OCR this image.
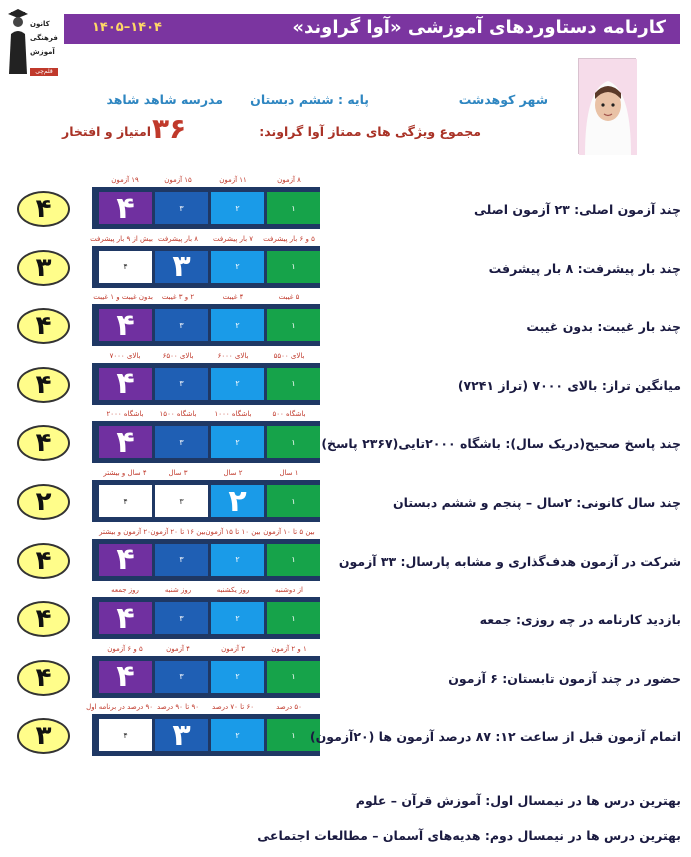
کانون
فرهنگی
آموزش
قلم‌چی
کارنامه دستاوردهای آموزشی «آوا گراوند»
۱۴۰۵–۱۴۰۴
شهر کوهدشت
پایه : ششم دبستان
مدرسه شاهد شاهد
مجموع ویژگی های ممتاز آوا گراوند:
۳۶
امتیاز و افتخار
۱۹ آزمون	۱۵ آزمون	۱۱ آزمون	۸ آزمون
۴	۳	۲	۱
۴	چند آزمون اصلی: ۲۳ آزمون اصلی
بیش از ۹ بار پیشرفت ۸ بار پیشرفت	۷ بار پیشرفت	۵ و ۶ بار پیشرفت
۴	۳	۲	۱
۳	چند بار پیشرفت: ۸ بار پیشرفت
بدون غیبت و ۱ غیبت	۲ و ۳ غیبت	۴ غیبت	۵ غیبت
۴	۳	۲	۱
۴	چند بار غیبت: بدون غیبت
بالای ۷۰۰۰	بالای ۶۵۰۰	بالای ۶۰۰۰	بالای ۵۵۰۰
۴	۳	۲	۱
۴	میانگین تراز: بالای ۷۰۰۰ (تراز ۷۲۴۱)
باشگاه ۲۰۰۰	باشگاه ۱۵۰۰	باشگاه ۱۰۰۰	باشگاه ۵۰۰
۴	۳	۲	۱
۴	چند پاسخ صحیح(دریک سال): باشگاه ۲۰۰۰تایی(۲۳۶۷ پاسخ)
۴ سال و بیشتر	۳ سال	۲ سال	۱ سال
۴	۳	۲	۱
۲	چند سال کانونی: ۲سال – پنجم و ششم دبستان
۲۰ آزمون و بیشتر بین ۱۶ تا ۲۰ آزمون بین ۱۰ تا ۱۵ آزمون بین ۵ تا ۱۰ آزمون
۴	۳	۲	۱
۴	شرکت در آزمون هدف‌گذاری و مشابه پارسال: ۳۳ آزمون
روز جمعه	روز شنبه	روز یکشنبه	از دوشنبه
۴	۳	۲	۱
۴	بازدید کارنامه در چه روزی: جمعه
۵ و ۶ آزمون	۴ آزمون	۳ آزمون	۱ و ۲ آزمون
۴	۳	۲	۱
۴	حضور در چند آزمون تابستان: ۶ آزمون
۹۰ درصد در برنامه اول ۹۰ تا ۹۰ درصد	۶۰ تا ۷۰ درصد	۵۰ درصد
۴	۳	۲	۱
۳	اتمام آزمون قبل از ساعت ۱۲: ۸۷ درصد آزمون ها (۲۰آزمون)
بهترین درس ها در نیمسال اول: آموزش قرآن – علوم
بهترین درس ها در نیمسال دوم: هدیه‌های آسمان – مطالعات اجتماعی
